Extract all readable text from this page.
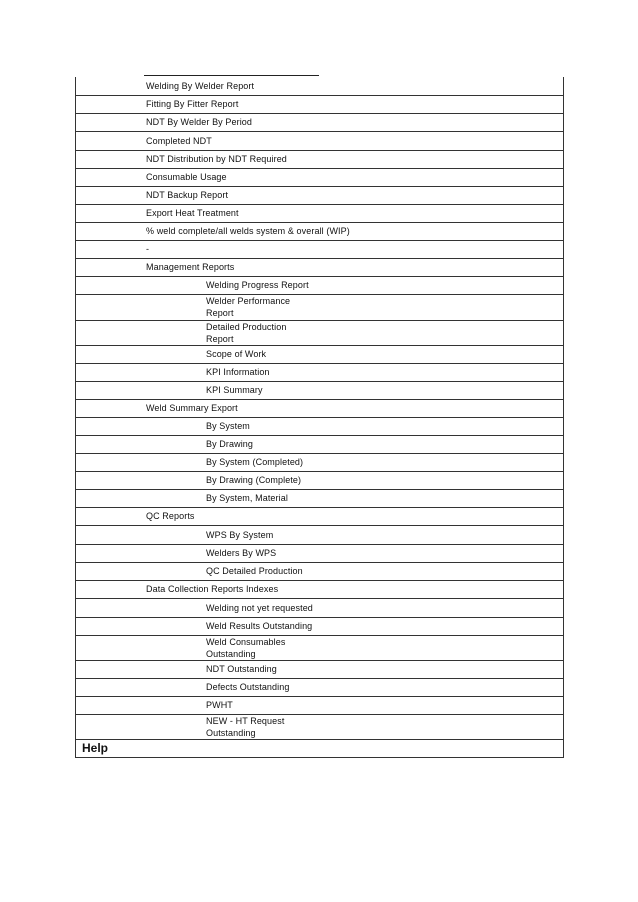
Welding By Welder Report
Fitting By Fitter Report
NDT By Welder By Period
Completed NDT
NDT Distribution by NDT Required
Consumable Usage
NDT Backup Report
Export Heat Treatment
% weld complete/all welds system & overall (WIP)
-
Management Reports
Welding Progress Report
Welder Performance
Report
Detailed Production
Report
Scope of Work
KPI Information
KPI Summary
Weld Summary Export
By System
By Drawing
By System (Completed)
By Drawing (Complete)
By System, Material
QC Reports
WPS By System
Welders By WPS
QC Detailed Production
Data Collection Reports Indexes
Welding not yet requested
Weld Results Outstanding
Weld Consumables
Outstanding
NDT Outstanding
Defects Outstanding
PWHT
NEW - HT Request
Outstanding
Help
